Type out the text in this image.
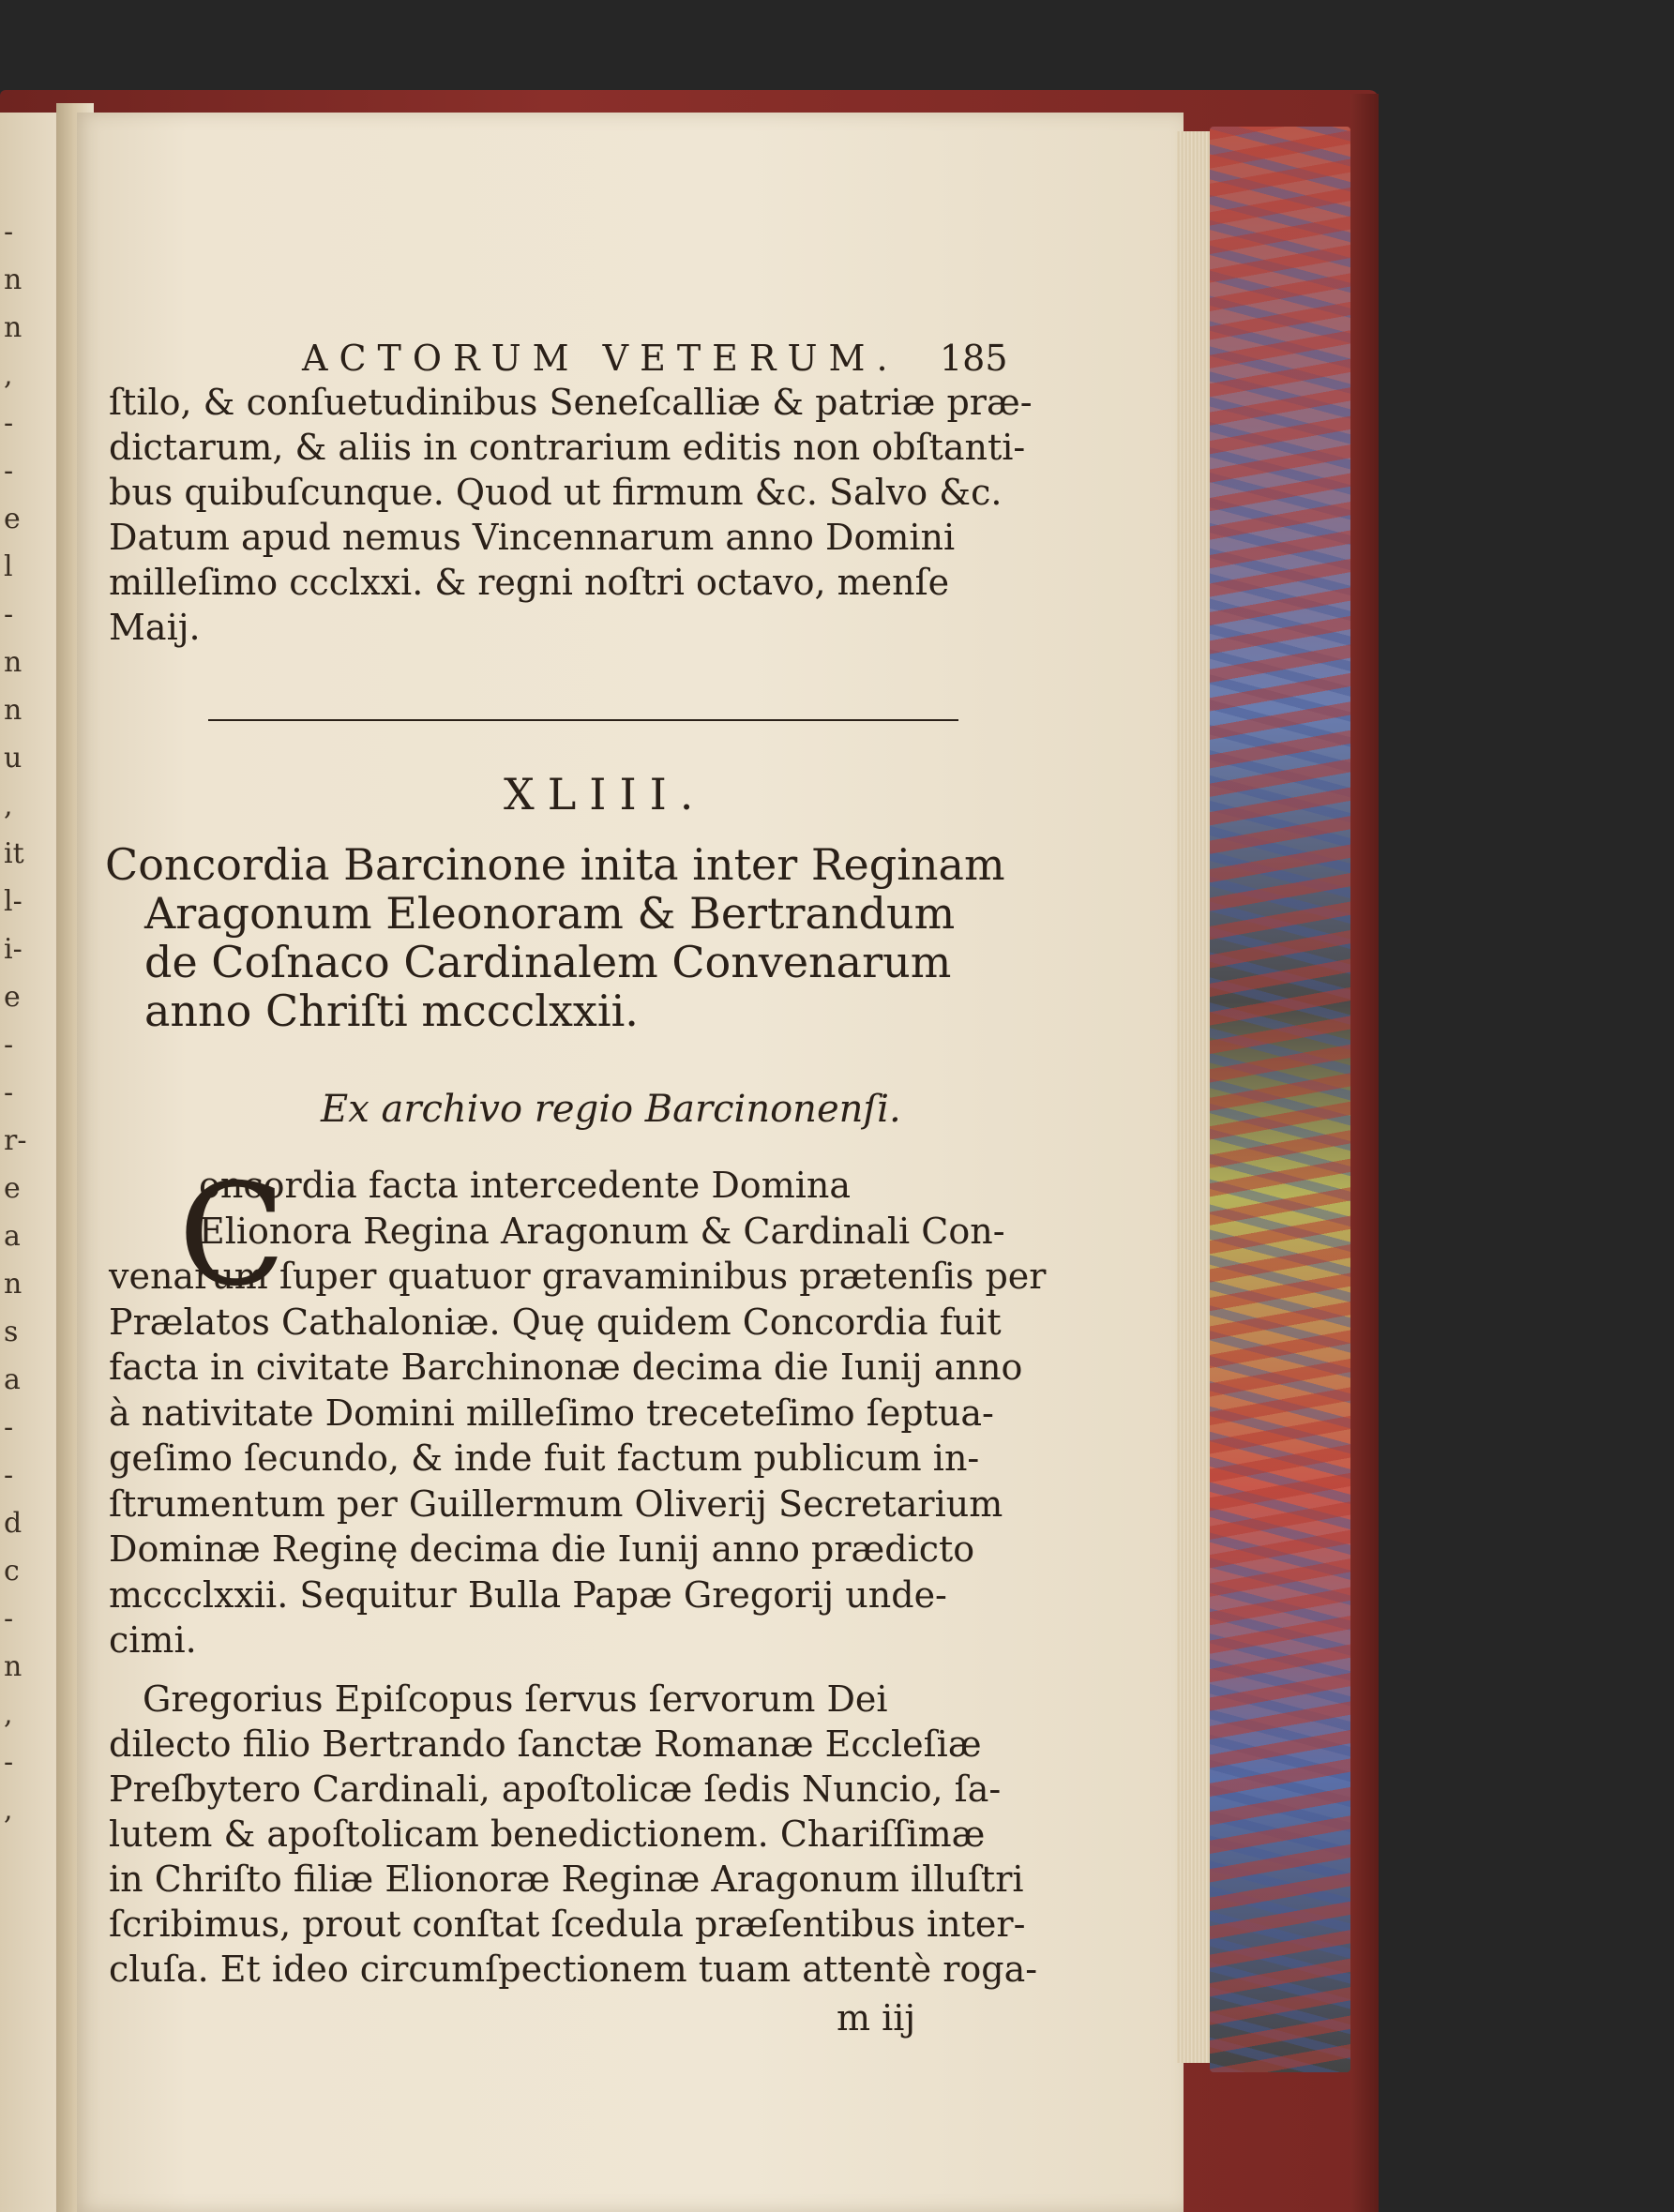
-
n
n
,
-
-
e
l
-
n
n
u
,
it
l-
i-
e
-
-
r-
e
a
n
s
a
-
-
d
c
-
n
,
-
,
ACTORUM VETERUM. 185
ſtilo, & conſuetudinibus Seneſcalliæ & patriæ præ-
dictarum, & aliis in contrarium editis non obſtanti-
bus quibuſcunque. Quod ut firmum &c. Salvo &c.
Datum apud nemus Vincennarum anno Domini
milleſimo ccclxxi. & regni noſtri octavo, menſe
Maij.
XLIII.
Concordia Barcinone inita inter Reginam
Aragonum Eleonoram & Bertrandum
de Coſnaco Cardinalem Convenarum
anno Chriſti mccclxxii.
Ex archivo regio Barcinonenſi.
C
oncordia facta intercedente Domina
Elionora Regina Aragonum & Cardinali Con-
venarum ſuper quatuor gravaminibus prætenſis per
Prælatos Cathaloniæ. Quę quidem Concordia fuit
facta in civitate Barchinonæ decima die Iunij anno
à nativitate Domini milleſimo treceteſimo ſeptua-
geſimo ſecundo, & inde fuit factum publicum in-
ſtrumentum per Guillermum Oliverij Secretarium
Dominæ Reginę decima die Iunij anno prædicto
mccclxxii. Sequitur Bulla Papæ Gregorij unde-
cimi.
Gregorius Epiſcopus ſervus ſervorum Dei
dilecto filio Bertrando ſanctæ Romanæ Eccleſiæ
Preſbytero Cardinali, apoſtolicæ ſedis Nuncio, ſa-
lutem & apoſtolicam benedictionem. Chariſſimæ
in Chriſto filiæ Elionoræ Reginæ Aragonum illuſtri
ſcribimus, prout conſtat ſcedula præſentibus inter-
cluſa. Et ideo circumſpectionem tuam attentè roga-
m iij
